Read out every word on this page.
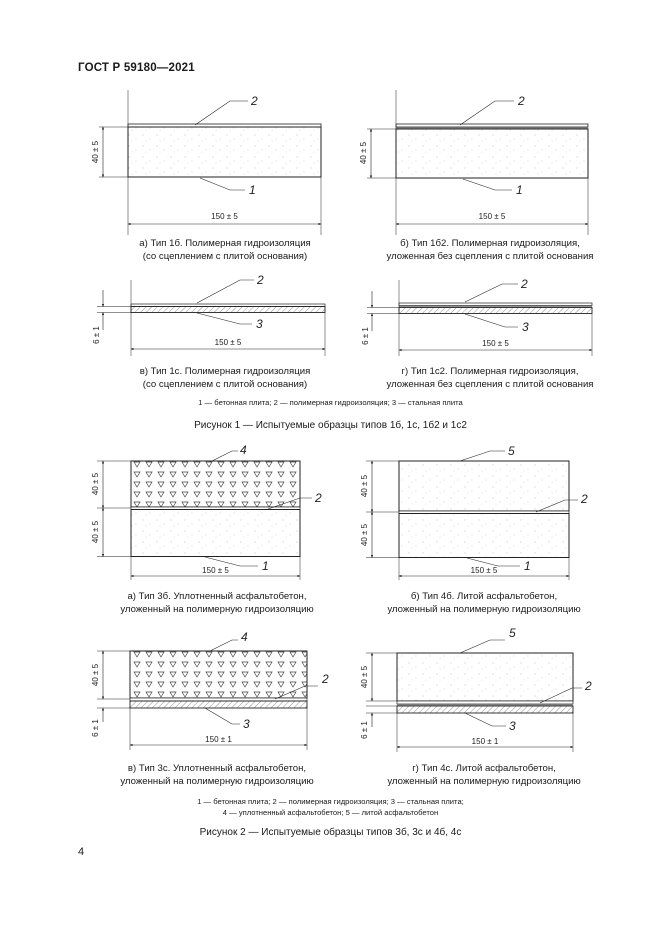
ГОСТ Р 59180—2021
150 ± 5
40 ± 5
2
1
150 ± 5
40 ± 5
2
1
150 ± 5
6 ± 1
2
3
150 ± 5
6 ± 1
2
3
150 ± 5
40 ± 5
40 ± 5
4
2
1	150 ± 5
40 ± 5
40 ± 5
5
2
1
150 ± 1
40 ± 5
6 ± 1
4
2
3
150 ± 1
40 ± 5
6 ± 1
5
2
3
а) Тип 1б. Полимерная гидроизоляция
(со сцеплением с плитой основания)
б) Тип 1б2. Полимерная гидроизоляция,
уложенная без сцепления с плитой основания
в) Тип 1с. Полимерная гидроизоляция
(со сцеплением с плитой основания)
г) Тип 1с2. Полимерная гидроизоляция,
уложенная без сцепления с плитой основания
1 — бетонная плита; 2 — полимерная гидроизоляция; 3 — стальная плита
Рисунок 1 — Испытуемые образцы типов 1б, 1с, 1б2 и 1с2
а) Тип 3б. Уплотненный асфальтобетон,
уложенный на полимерную гидроизоляцию
б) Тип 4б. Литой асфальтобетон,
уложенный на полимерную гидроизоляцию
в) Тип 3с. Уплотненный асфальтобетон,
уложенный на полимерную гидроизоляцию
г) Тип 4с. Литой асфальтобетон,
уложенный на полимерную гидроизоляцию
1 — бетонная плита; 2 — полимерная гидроизоляция; 3 — стальная плита;
4 — уплотненный асфальтобетон; 5 — литой асфальтобетон
Рисунок 2 — Испытуемые образцы типов 3б, 3с и 4б, 4с
4
